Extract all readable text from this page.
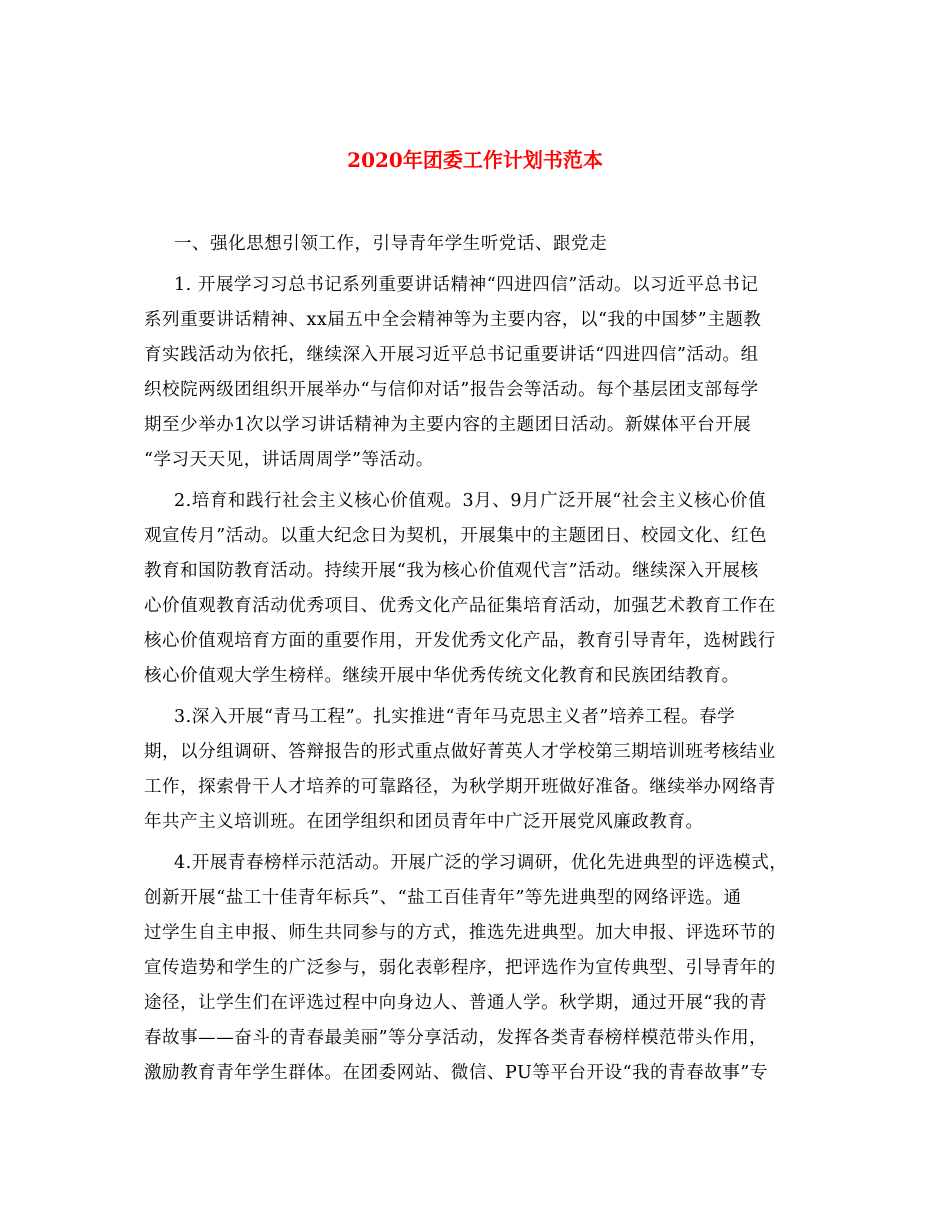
2020年团委工作计划书范本
一、强化思想引领工作，引导青年学生听党话、跟党走
1. 开展学习习总书记系列重要讲话精神“四进四信”活动。以习近平总书记
系列重要讲话精神、xx届五中全会精神等为主要内容，以“我的中国梦”主题教
育实践活动为依托，继续深入开展习近平总书记重要讲话“四进四信”活动。组
织校院两级团组织开展举办“与信仰对话”报告会等活动。每个基层团支部每学
期至少举办1次以学习讲话精神为主要内容的主题团日活动。新媒体平台开展
“学习天天见，讲话周周学”等活动。
2.培育和践行社会主义核心价值观。3月、9月广泛开展“社会主义核心价值
观宣传月”活动。以重大纪念日为契机，开展集中的主题团日、校园文化、红色
教育和国防教育活动。持续开展“我为核心价值观代言”活动。继续深入开展核
心价值观教育活动优秀项目、优秀文化产品征集培育活动，加强艺术教育工作在
核心价值观培育方面的重要作用，开发优秀文化产品，教育引导青年，选树践行
核心价值观大学生榜样。继续开展中华优秀传统文化教育和民族团结教育。
3.深入开展“青马工程”。扎实推进“青年马克思主义者”培养工程。春学
期，以分组调研、答辩报告的形式重点做好菁英人才学校第三期培训班考核结业
工作，探索骨干人才培养的可靠路径，为秋学期开班做好准备。继续举办网络青
年共产主义培训班。在团学组织和团员青年中广泛开展党风廉政教育。
4.开展青春榜样示范活动。开展广泛的学习调研，优化先进典型的评选模式，
创新开展“盐工十佳青年标兵”、“盐工百佳青年”等先进典型的网络评选。通
过学生自主申报、师生共同参与的方式，推选先进典型。加大申报、评选环节的
宣传造势和学生的广泛参与，弱化表彰程序，把评选作为宣传典型、引导青年的
途径，让学生们在评选过程中向身边人、普通人学。秋学期，通过开展“我的青
春故事——奋斗的青春最美丽”等分享活动，发挥各类青春榜样模范带头作用，
激励教育青年学生群体。在团委网站、微信、PU等平台开设“我的青春故事”专
